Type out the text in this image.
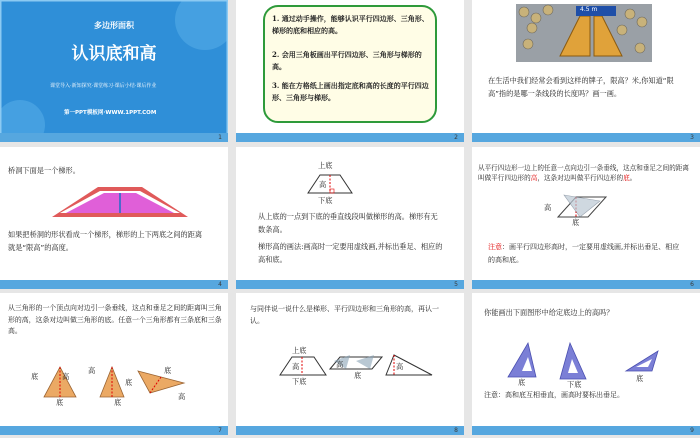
多边形面积
认识底和高
课堂导入·新知探究·课堂练习·课后小结·课后作业
第一PPT模板网·WWW.1PPT.COM
1
1. 通过动手操作，能够认识平行四边形、三角形、梯形的底和相应的高。
2. 会用三角板画出平行四边形、三角形与梯形的高。
3. 能在方格纸上画出指定底和高的长度的平行四边形、三角形与梯形。
2
4.5 m
在生活中我们经常会看到这样的牌子，限高？米,你知道“限高”指的是哪一条线段的长度吗？画一画。
3
桥洞下面是一个梯形。
如果把桥洞的形状看成一个梯形，梯形的上下两底之间的距离就是“限高”的高度。
4
上底
高
下底
从上底的一点到下底的垂直线段叫做梯形的高。梯形有无数条高。
梯形高的画法:画高时一定要用虚线画,并标出垂足、相应的高和底。
5
从平行四边形一边上的任意一点向边引一条垂线，这点和垂足之间的距离叫做平行四边形的高，这条对边叫做平行四边形的底。
高
底
注意：画平行四边形高时，一定要用虚线画,并标出垂足、相应的高和底。
6
从三角形的一个顶点向对边引一条垂线，这点和垂足之间的距离叫三角形的高，这条对边叫做三角形的底。任意一个三角形都有三条底和三条高。
底	高
底
高
底
底
底
高
7
与同伴说一说什么是梯形、平行四边形和三角形的高，再认一认。
上底
高
下底
高
底
高
8
你能画出下面图形中给定底边上的高吗？
底	下底
底
注意：高和底互相垂直，画高时要标出垂足。
9
